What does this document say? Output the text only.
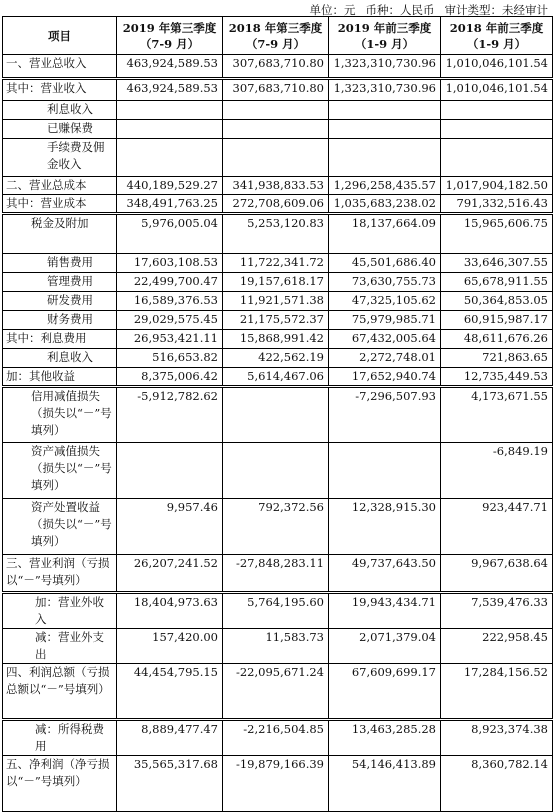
单位：元 币种：人民币 审计类型：未经审计
项目	2019 年第三季度（7-9 月）	2018 年第三季度（7-9 月）	2019 年前三季度（1-9 月）	2018 年前三季度（1-9 月）
一、营业总收入	463,924,589.53	307,683,710.80	1,323,310,730.96	1,010,046,101.54
其中：营业收入	463,924,589.53	307,683,710.80	1,323,310,730.96	1,010,046,101.54
利息收入				
已赚保费				
手续费及佣金收入				
二、营业总成本	440,189,529.27	341,938,833.53	1,296,258,435.57	1,017,904,182.50
其中：营业成本	348,491,763.25	272,708,609.06	1,035,683,238.02	791,332,516.43
税金及附加	5,976,005.04	5,253,120.83	18,137,664.09	15,965,606.75
销售费用	17,603,108.53	11,722,341.72	45,501,686.40	33,646,307.55
管理费用	22,499,700.47	19,157,618.17	73,630,755.73	65,678,911.55
研发费用	16,589,376.53	11,921,571.38	47,325,105.62	50,364,853.05
财务费用	29,029,575.45	21,175,572.37	75,979,985.71	60,915,987.17
其中：利息费用	26,953,421.11	15,868,991.42	67,432,005.64	48,611,676.26
利息收入	516,653.82	422,562.19	2,272,748.01	721,863.65
加：其他收益	8,375,006.42	5,614,467.06	17,652,940.74	12,735,449.53
信用减值损失（损失以“－”号填列）	-5,912,782.62		-7,296,507.93	4,173,671.55
资产减值损失（损失以“－”号填列）				-6,849.19
资产处置收益（损失以“－”号填列）	9,957.46	792,372.56	12,328,915.30	923,447.71
三、营业利润（亏损以“－”号填列）	26,207,241.52	-27,848,283.11	49,737,643.50	9,967,638.64
加：营业外收入	18,404,973.63	5,764,195.60	19,943,434.71	7,539,476.33
减：营业外支出	157,420.00	11,583.73	2,071,379.04	222,958.45
四、利润总额（亏损总额以“－”号填列）	44,454,795.15	-22,095,671.24	67,609,699.17	17,284,156.52
减：所得税费用	8,889,477.47	-2,216,504.85	13,463,285.28	8,923,374.38
五、净利润（净亏损以“－”号填列）	35,565,317.68	-19,879,166.39	54,146,413.89	8,360,782.14
